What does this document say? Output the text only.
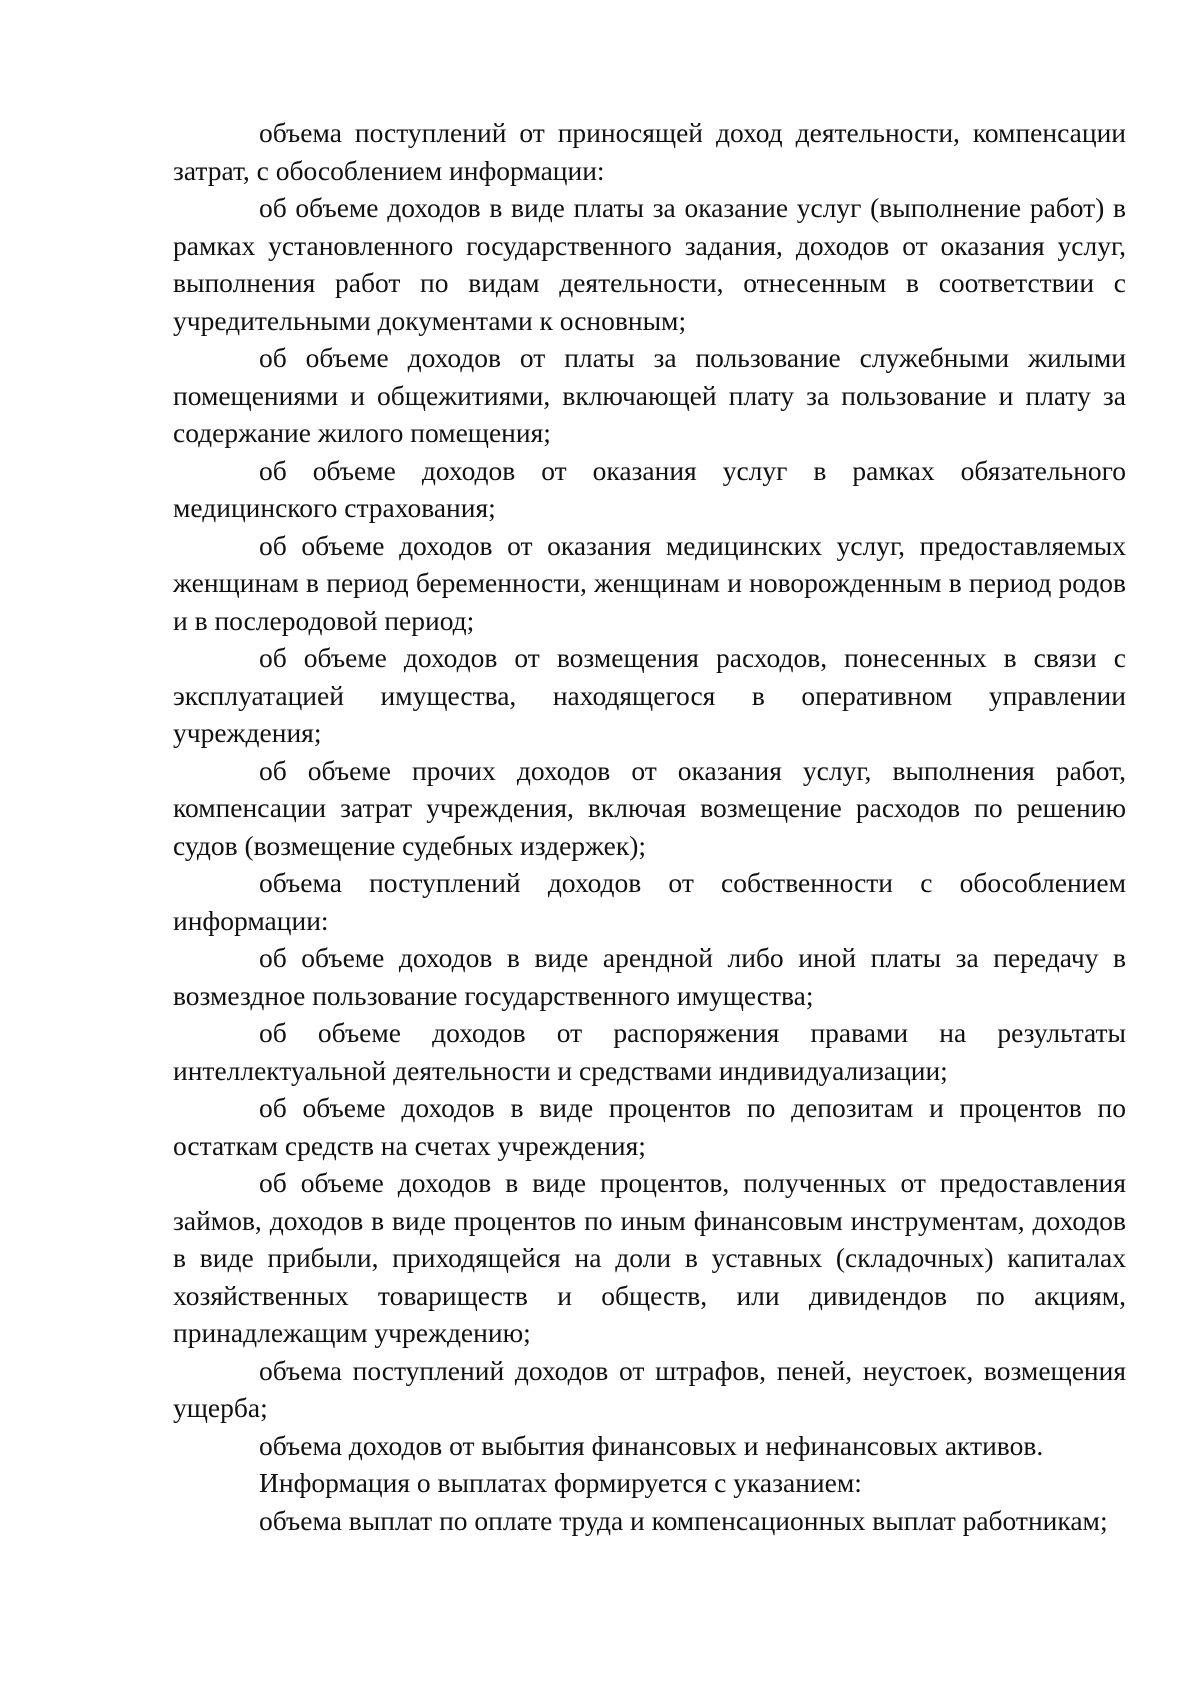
объема поступлений от приносящей доход деятельности, компенсации затрат, с обособлением информации:

об объеме доходов в виде платы за оказание услуг (выполнение работ) в рамках установленного государственного задания, доходов от оказания услуг, выполнения работ по видам деятельности, отнесенным в соответствии с учредительными документами к основным;

об объеме доходов от платы за пользование служебными жилыми помещениями и общежитиями, включающей плату за пользование и плату за содержание жилого помещения;

об объеме доходов от оказания услуг в рамках обязательного медицинского страхования;

об объеме доходов от оказания медицинских услуг, предоставляемых женщинам в период беременности, женщинам и новорожденным в период родов и в послеродовой период;

об объеме доходов от возмещения расходов, понесенных в связи с эксплуатацией имущества, находящегося в оперативном управлении учреждения;

об объеме прочих доходов от оказания услуг, выполнения работ, компенсации затрат учреждения, включая возмещение расходов по решению судов (возмещение судебных издержек);

объема поступлений доходов от собственности с обособлением информации:

об объеме доходов в виде арендной либо иной платы за передачу в возмездное пользование государственного имущества;

об объеме доходов от распоряжения правами на результаты интеллектуальной деятельности и средствами индивидуализации;

об объеме доходов в виде процентов по депозитам и процентов по остаткам средств на счетах учреждения;

об объеме доходов в виде процентов, полученных от предоставления займов, доходов в виде процентов по иным финансовым инструментам, доходов в виде прибыли, приходящейся на доли в уставных (складочных) капиталах хозяйственных товариществ и обществ, или дивидендов по акциям, принадлежащим учреждению;

объема поступлений доходов от штрафов, пеней, неустоек, возмещения ущерба;

объема доходов от выбытия финансовых и нефинансовых активов.

Информация о выплатах формируется с указанием:

объема выплат по оплате труда и компенсационных выплат работникам;
